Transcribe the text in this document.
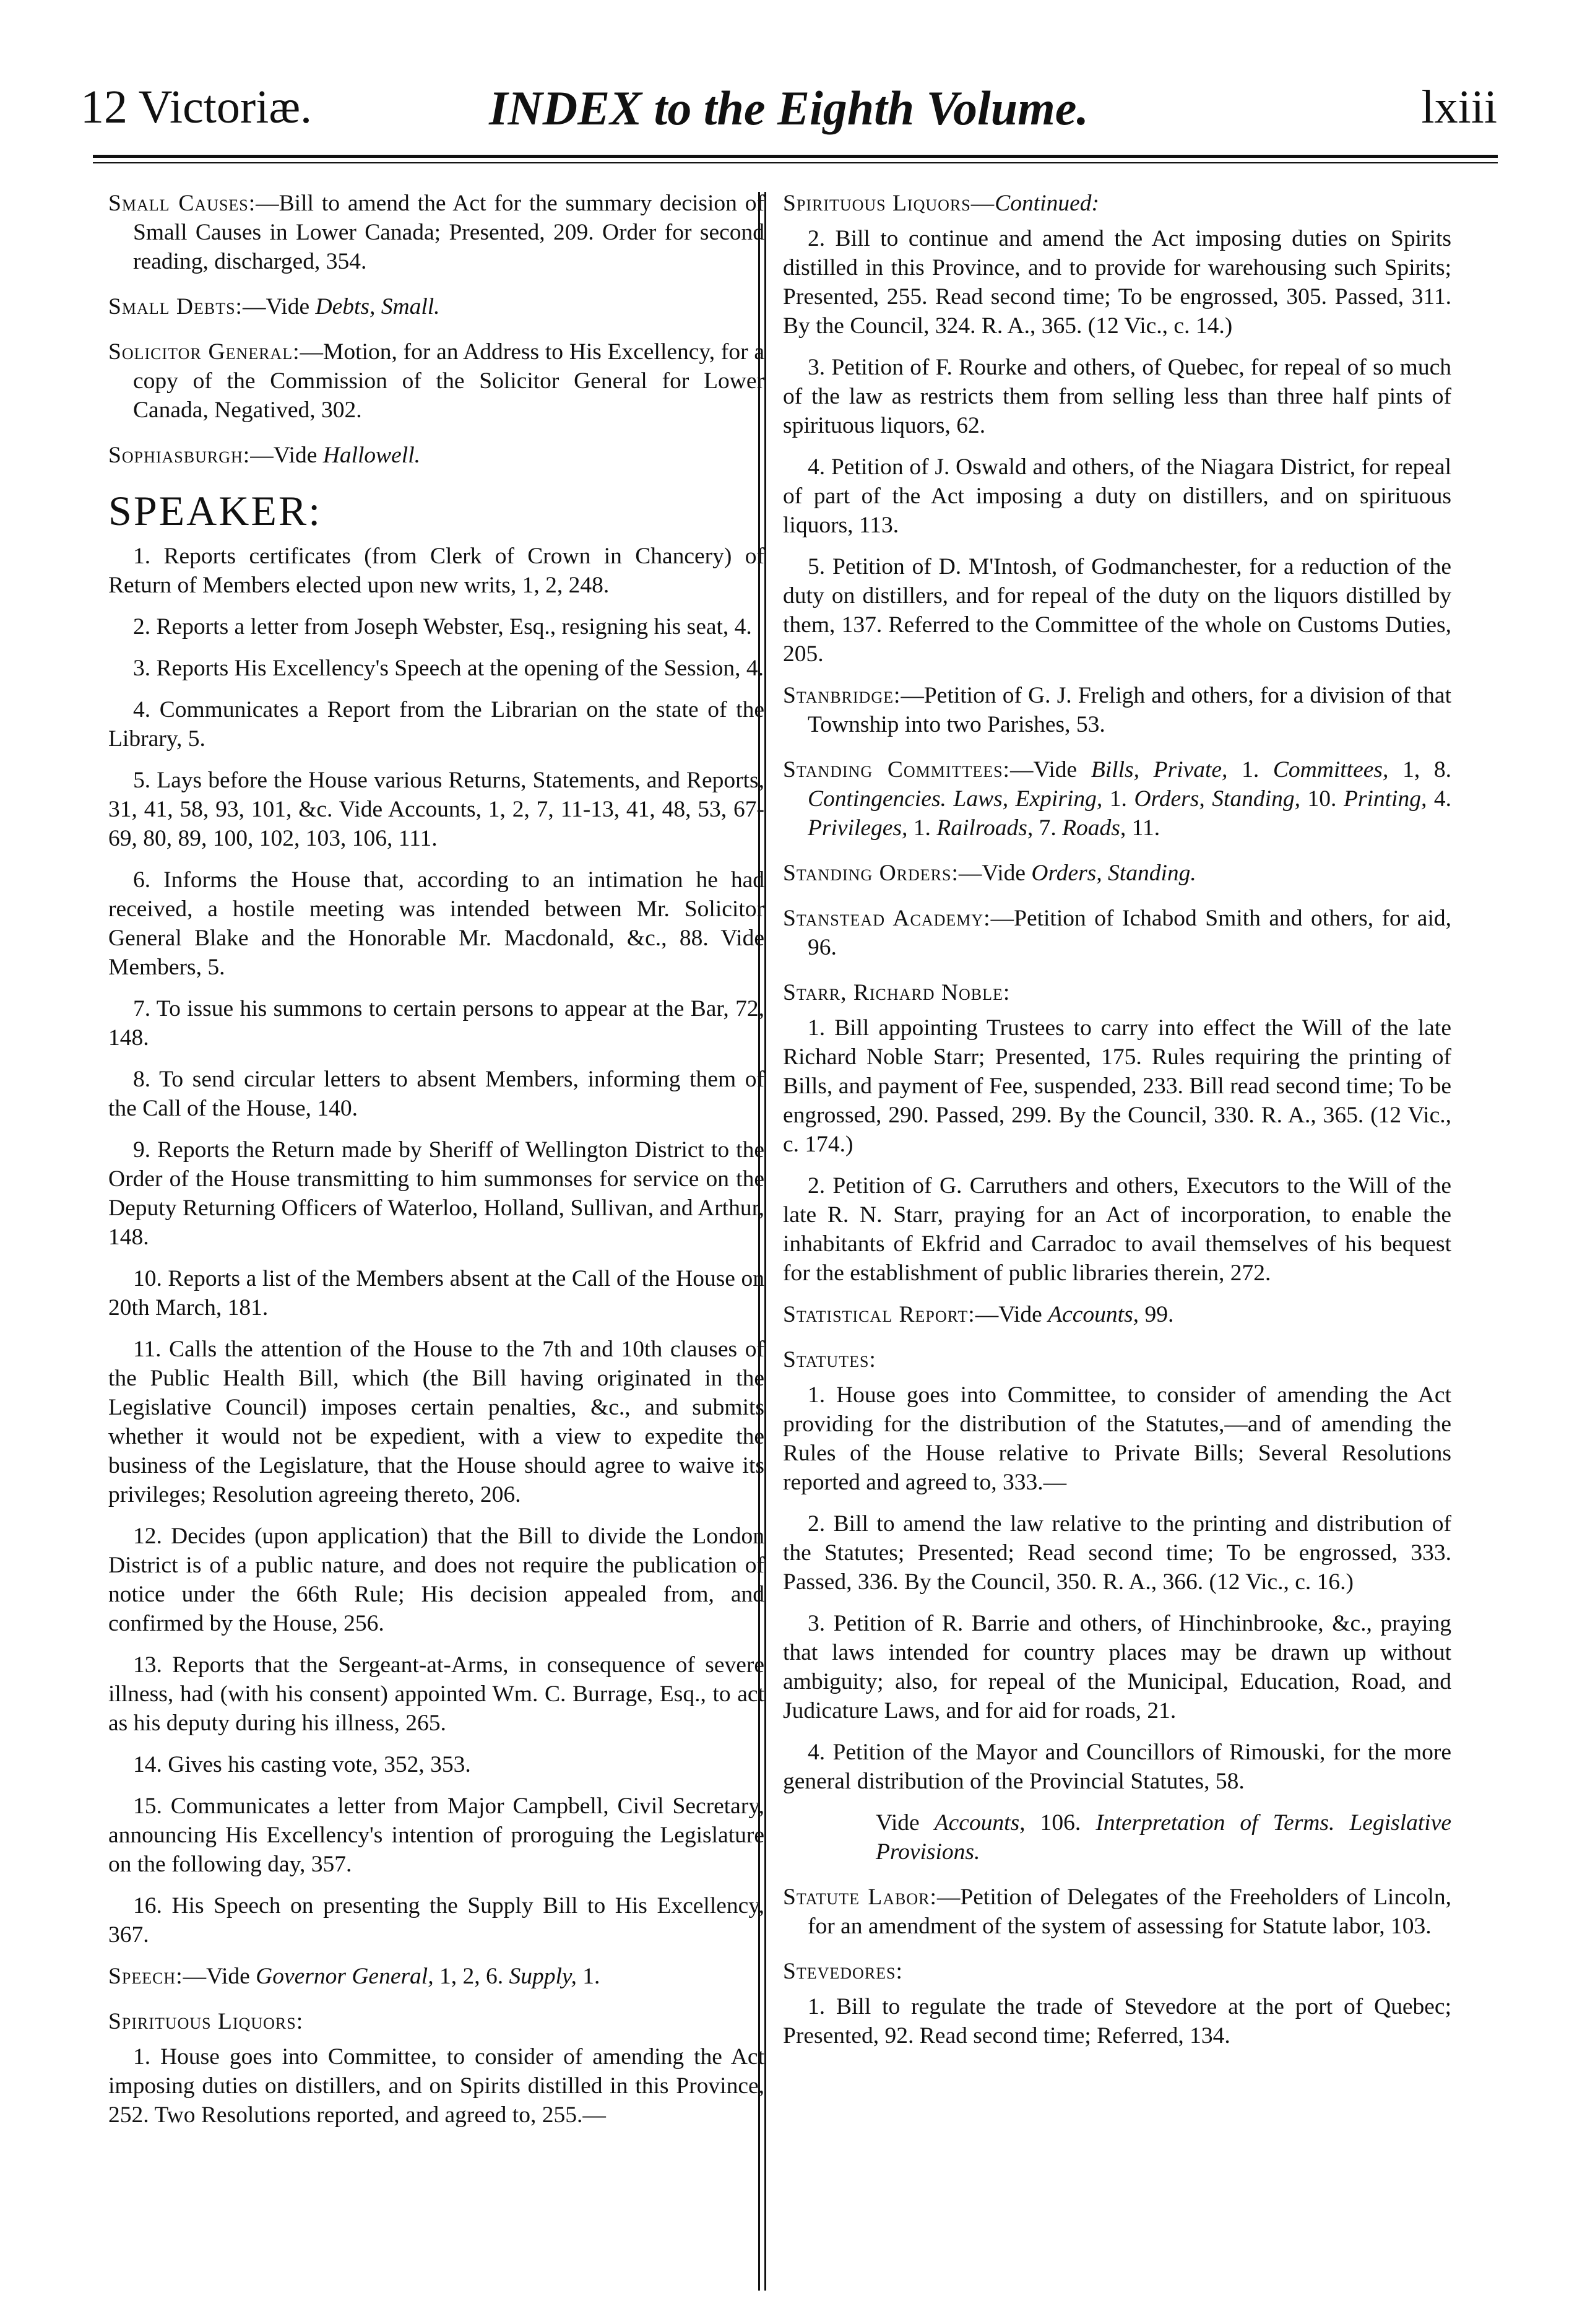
12 Victoriæ.	INDEX to the Eighth Volume.	lxiii

Small Causes:—Bill to amend the Act for the summary decision of Small Causes in Lower Canada; Presented, 209. Order for second reading, discharged, 354.

Small Debts:—Vide Debts, Small.

Solicitor General:—Motion, for an Address to His Excellency, for a copy of the Commission of the Solicitor General for Lower Canada, Negatived, 302.

Sophiasburgh:—Vide Hallowell.

SPEAKER:

1. Reports certificates (from Clerk of Crown in Chancery) of Return of Members elected upon new writs, 1, 2, 248.

2. Reports a letter from Joseph Webster, Esq., resigning his seat, 4.

3. Reports His Excellency's Speech at the opening of the Session, 4.

4. Communicates a Report from the Librarian on the state of the Library, 5.

5. Lays before the House various Returns, Statements, and Reports, 31, 41, 58, 93, 101, &c. Vide Accounts, 1, 2, 7, 11-13, 41, 48, 53, 67-69, 80, 89, 100, 102, 103, 106, 111.

6. Informs the House that, according to an intimation he had received, a hostile meeting was intended between Mr. Solicitor General Blake and the Honorable Mr. Macdonald, &c., 88. Vide Members, 5.

7. To issue his summons to certain persons to appear at the Bar, 72, 148.

8. To send circular letters to absent Members, informing them of the Call of the House, 140.

9. Reports the Return made by Sheriff of Wellington District to the Order of the House transmitting to him summonses for service on the Deputy Returning Officers of Waterloo, Holland, Sullivan, and Arthur, 148.

10. Reports a list of the Members absent at the Call of the House on 20th March, 181.

11. Calls the attention of the House to the 7th and 10th clauses of the Public Health Bill, which (the Bill having originated in the Legislative Council) imposes certain penalties, &c., and submits whether it would not be expedient, with a view to expedite the business of the Legislature, that the House should agree to waive its privileges; Resolution agreeing thereto, 206.

12. Decides (upon application) that the Bill to divide the London District is of a public nature, and does not require the publication of notice under the 66th Rule; His decision appealed from, and confirmed by the House, 256.

13. Reports that the Sergeant-at-Arms, in consequence of severe illness, had (with his consent) appointed Wm. C. Burrage, Esq., to act as his deputy during his illness, 265.

14. Gives his casting vote, 352, 353.

15. Communicates a letter from Major Campbell, Civil Secretary, announcing His Excellency's intention of proroguing the Legislature on the following day, 357.

16. His Speech on presenting the Supply Bill to His Excellency, 367.

Speech:—Vide Governor General, 1, 2, 6. Supply, 1.

Spirituous Liquors:

1. House goes into Committee, to consider of amending the Act imposing duties on distillers, and on Spirits distilled in this Province, 252. Two Resolutions reported, and agreed to, 255.—

Spirituous Liquors—Continued:

2. Bill to continue and amend the Act imposing duties on Spirits distilled in this Province, and to provide for warehousing such Spirits; Presented, 255. Read second time; To be engrossed, 305. Passed, 311. By the Council, 324. R. A., 365. (12 Vic., c. 14.)

3. Petition of F. Rourke and others, of Quebec, for repeal of so much of the law as restricts them from selling less than three half pints of spirituous liquors, 62.

4. Petition of J. Oswald and others, of the Niagara District, for repeal of part of the Act imposing a duty on distillers, and on spirituous liquors, 113.

5. Petition of D. M'Intosh, of Godmanchester, for a reduction of the duty on distillers, and for repeal of the duty on the liquors distilled by them, 137. Referred to the Committee of the whole on Customs Duties, 205.

Stanbridge:—Petition of G. J. Freligh and others, for a division of that Township into two Parishes, 53.

Standing Committees:—Vide Bills, Private, 1. Committees, 1, 8. Contingencies. Laws, Expiring, 1. Orders, Standing, 10. Printing, 4. Privileges, 1. Railroads, 7. Roads, 11.

Standing Orders:—Vide Orders, Standing.

Stanstead Academy:—Petition of Ichabod Smith and others, for aid, 96.

Starr, Richard Noble:

1. Bill appointing Trustees to carry into effect the Will of the late Richard Noble Starr; Presented, 175. Rules requiring the printing of Bills, and payment of Fee, suspended, 233. Bill read second time; To be engrossed, 290. Passed, 299. By the Council, 330. R. A., 365. (12 Vic., c. 174.)

2. Petition of G. Carruthers and others, Executors to the Will of the late R. N. Starr, praying for an Act of incorporation, to enable the inhabitants of Ekfrid and Carradoc to avail themselves of his bequest for the establishment of public libraries therein, 272.

Statistical Report:—Vide Accounts, 99.

Statutes:

1. House goes into Committee, to consider of amending the Act providing for the distribution of the Statutes,—and of amending the Rules of the House relative to Private Bills; Several Resolutions reported and agreed to, 333.—

2. Bill to amend the law relative to the printing and distribution of the Statutes; Presented; Read second time; To be engrossed, 333. Passed, 336. By the Council, 350. R. A., 366. (12 Vic., c. 16.)

3. Petition of R. Barrie and others, of Hinchinbrooke, &c., praying that laws intended for country places may be drawn up without ambiguity; also, for repeal of the Municipal, Education, Road, and Judicature Laws, and for aid for roads, 21.

4. Petition of the Mayor and Councillors of Rimouski, for the more general distribution of the Provincial Statutes, 58.

Vide Accounts, 106. Interpretation of Terms. Legislative Provisions.

Statute Labor:—Petition of Delegates of the Freeholders of Lincoln, for an amendment of the system of assessing for Statute labor, 103.

Stevedores:

1. Bill to regulate the trade of Stevedore at the port of Quebec; Presented, 92. Read second time; Referred, 134.
